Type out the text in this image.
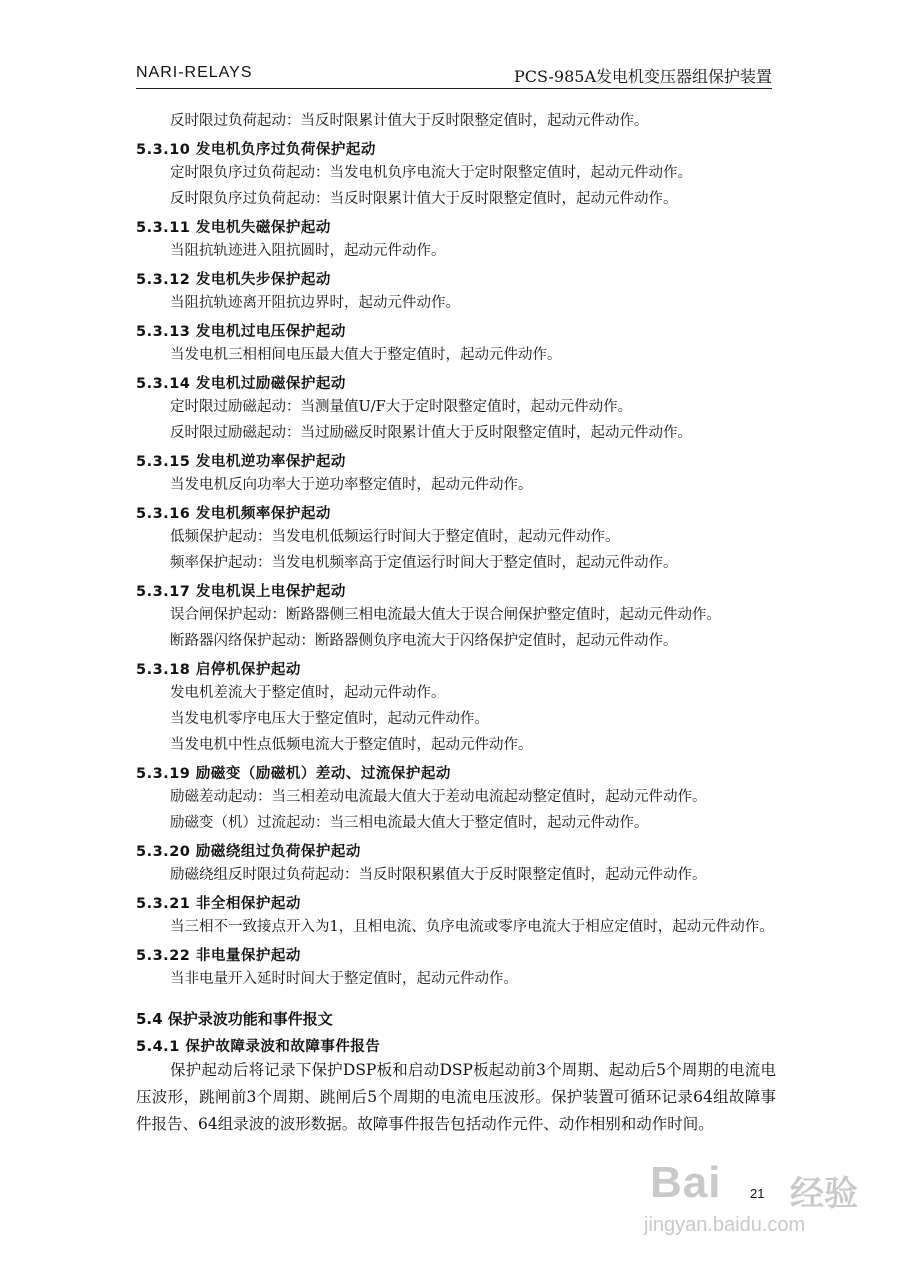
NARI-RELAYS	PCS-985A发电机变压器组保护装置
反时限过负荷起动：当反时限累计值大于反时限整定值时，起动元件动作。
5.3.10 发电机负序过负荷保护起动
定时限负序过负荷起动：当发电机负序电流大于定时限整定值时，起动元件动作。
反时限负序过负荷起动：当反时限累计值大于反时限整定值时，起动元件动作。
5.3.11 发电机失磁保护起动
当阻抗轨迹进入阻抗圆时，起动元件动作。
5.3.12 发电机失步保护起动
当阻抗轨迹离开阻抗边界时，起动元件动作。
5.3.13 发电机过电压保护起动
当发电机三相相间电压最大值大于整定值时，起动元件动作。
5.3.14 发电机过励磁保护起动
定时限过励磁起动：当测量值U/F大于定时限整定值时，起动元件动作。
反时限过励磁起动：当过励磁反时限累计值大于反时限整定值时，起动元件动作。
5.3.15 发电机逆功率保护起动
当发电机反向功率大于逆功率整定值时，起动元件动作。
5.3.16 发电机频率保护起动
低频保护起动：当发电机低频运行时间大于整定值时，起动元件动作。
频率保护起动：当发电机频率高于定值运行时间大于整定值时，起动元件动作。
5.3.17 发电机误上电保护起动
误合闸保护起动：断路器侧三相电流最大值大于误合闸保护整定值时，起动元件动作。
断路器闪络保护起动：断路器侧负序电流大于闪络保护定值时，起动元件动作。
5.3.18 启停机保护起动
发电机差流大于整定值时，起动元件动作。
当发电机零序电压大于整定值时，起动元件动作。
当发电机中性点低频电流大于整定值时，起动元件动作。
5.3.19 励磁变（励磁机）差动、过流保护起动
励磁差动起动：当三相差动电流最大值大于差动电流起动整定值时，起动元件动作。
励磁变（机）过流起动：当三相电流最大值大于整定值时，起动元件动作。
5.3.20 励磁绕组过负荷保护起动
励磁绕组反时限过负荷起动：当反时限积累值大于反时限整定值时，起动元件动作。
5.3.21 非全相保护起动
当三相不一致接点开入为1，且相电流、负序电流或零序电流大于相应定值时，起动元件动作。
5.3.22 非电量保护起动
当非电量开入延时时间大于整定值时，起动元件动作。
5.4 保护录波功能和事件报文
5.4.1 保护故障录波和故障事件报告
保护起动后将记录下保护DSP板和启动DSP板起动前3个周期、起动后5个周期的电流电压波形，跳闸前3个周期、跳闸后5个周期的电流电压波形。保护装置可循环记录64组故障事件报告、64组录波的波形数据。故障事件报告包括动作元件、动作相别和动作时间。
21
Bai 经验
jingyan.baidu.com
